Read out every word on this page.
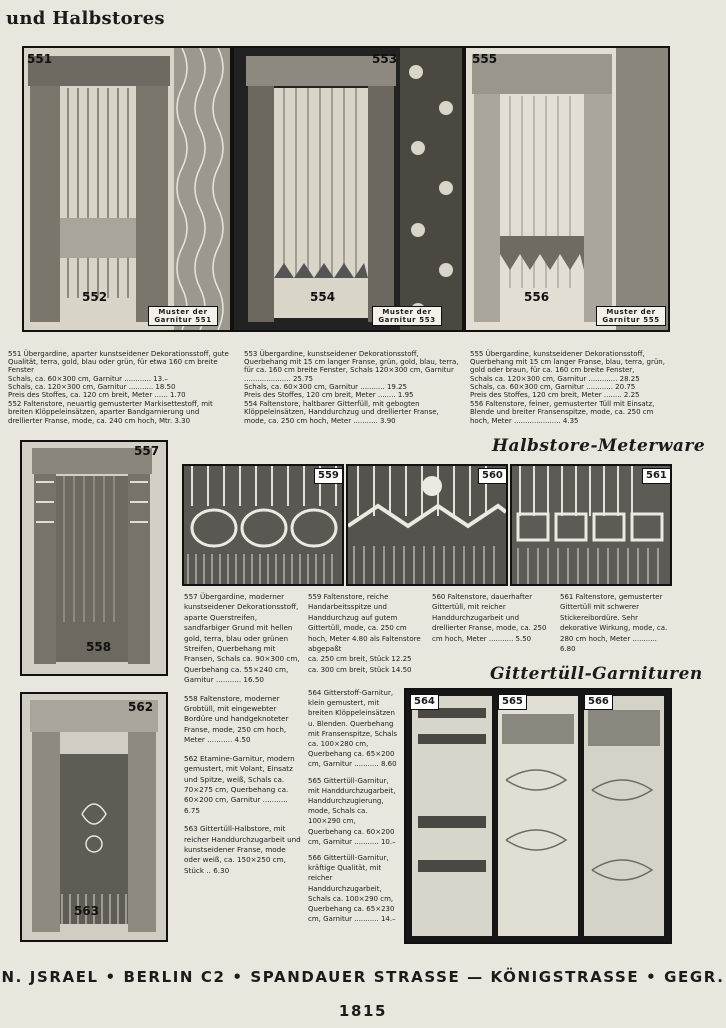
und Halbstores
551
552
Muster der Garnitur 551
553
554
Muster der Garnitur 553
555
556
Muster der Garnitur 555
551 Übergardine, aparter kunstseidener Dekorationsstoff, gute Qualität, terra, gold, blau oder grün, für etwa 160 cm breite Fenster
Schals, ca. 60×300 cm, Garnitur ............ 13.–
Schals, ca. 120×300 cm, Garnitur ........... 18.50
Preis des Stoffes, ca. 120 cm breit, Meter ...... 1.70
552 Faltenstore, neuartig gemusterter Markisettestoff, mit breiten Klöppeleinsätzen, aparter Bandgarnierung und drellierter Franse, mode, ca. 240 cm hoch, Mtr. 3.30
553 Übergardine, kunstseidener Dekorationsstoff, Querbehang mit 15 cm langer Franse, grün, gold, blau, terra, für ca. 160 cm breite Fenster, Schals 120×300 cm, Garnitur ..................... 25.75
Schals, ca. 60×300 cm, Garnitur ........... 19.25
Preis des Stoffes, 120 cm breit, Meter ........ 1.95
554 Faltenstore, haltbarer Gitterfüll, mit gebogten Klöppeleinsätzen, Handdurchzug und drellierter Franse, mode, ca. 250 cm hoch, Meter ........... 3.90
555 Übergardine, kunstseidener Dekorationsstoff, Querbehang mit 15 cm langer Franse, blau, terra, grün, gold oder braun, für ca. 160 cm breite Fenster,
Schals ca. 120×300 cm, Garnitur ............. 28.25
Schals, ca. 60×300 cm, Garnitur ............ 20.75
Preis des Stoffes, 120 cm breit, Meter ........ 2.25
556 Faltenstore, feiner, gemusterter Tüll mit Einsatz, Blende und breiter Fransenspitze, mode, ca. 250 cm hoch, Meter ..................... 4.35
Halbstore-Meterware
557
558
559	560	561
557 Übergardine, moderner kunstseidener Dekorationsstoff, aparte Querstreifen, sandfarbiger Grund mit hellen gold, terra, blau oder grünen Streifen, Querbehang mit Fransen, Schals ca. 90×300 cm, Querbehang ca. 55×240 cm, Garnitur ........... 16.50
558 Faltenstore, moderner Grobtüll, mit eingewebter Bordüre und handgeknoteter Franse, mode, 250 cm hoch, Meter ........... 4.50
562 Etamine-Garnitur, modern gemustert, mit Volant, Einsatz und Spitze, weiß, Schals ca. 70×275 cm, Querbehang ca. 60×200 cm, Garnitur ........... 6.75
563 Gittertüll-Halbstore, mit reicher Handdurchzugarbeit und kunstseidener Franse, mode oder weiß, ca. 150×250 cm, Stück .. 6.30
559 Faltenstore, reiche Handarbeitsspitze und Handdurchzug auf gutem Gittertüll, mode, ca. 250 cm hoch, Meter 4.80 als Faltenstore abgepaßt
ca. 250 cm breit, Stück 12.25
ca. 300 cm breit, Stück 14.50
560 Faltenstore, dauerhafter Gittertüll, mit reicher Handdurchzugarbeit und drellierter Franse, mode, ca. 250 cm hoch, Meter ........... 5.50
561 Faltenstore, gemusterter Gittertüll mit schwerer Stickereibordüre. Sehr dekorative Wirkung, mode, ca. 280 cm hoch, Meter ........... 6.80
564 Gitterstoff-Garnitur, klein gemustert, mit breiten Klöppeleinsätzen u. Blenden. Querbehang mit Fransenspitze, Schals ca. 100×280 cm, Querbehang ca. 65×200 cm, Garnitur ........... 8.60
565 Gittertüll-Garnitur, mit Handdurchzugarbeit, Handdurchzugierung, mode, Schals ca. 100×290 cm, Querbehang ca. 60×200 cm, Garnitur ........... 10.–
566 Gittertüll-Garnitur, kräftige Qualität, mit reicher Handdurchzugarbeit, Schals ca. 100×290 cm, Querbehang ca. 65×230 cm, Garnitur ........... 14.–
Gittertüll-Garnituren
562
563
564	565	566
N. JSRAEL • BERLIN C2 • SPANDAUER STRASSE — KÖNIGSTRASSE • GEGR. 1815
